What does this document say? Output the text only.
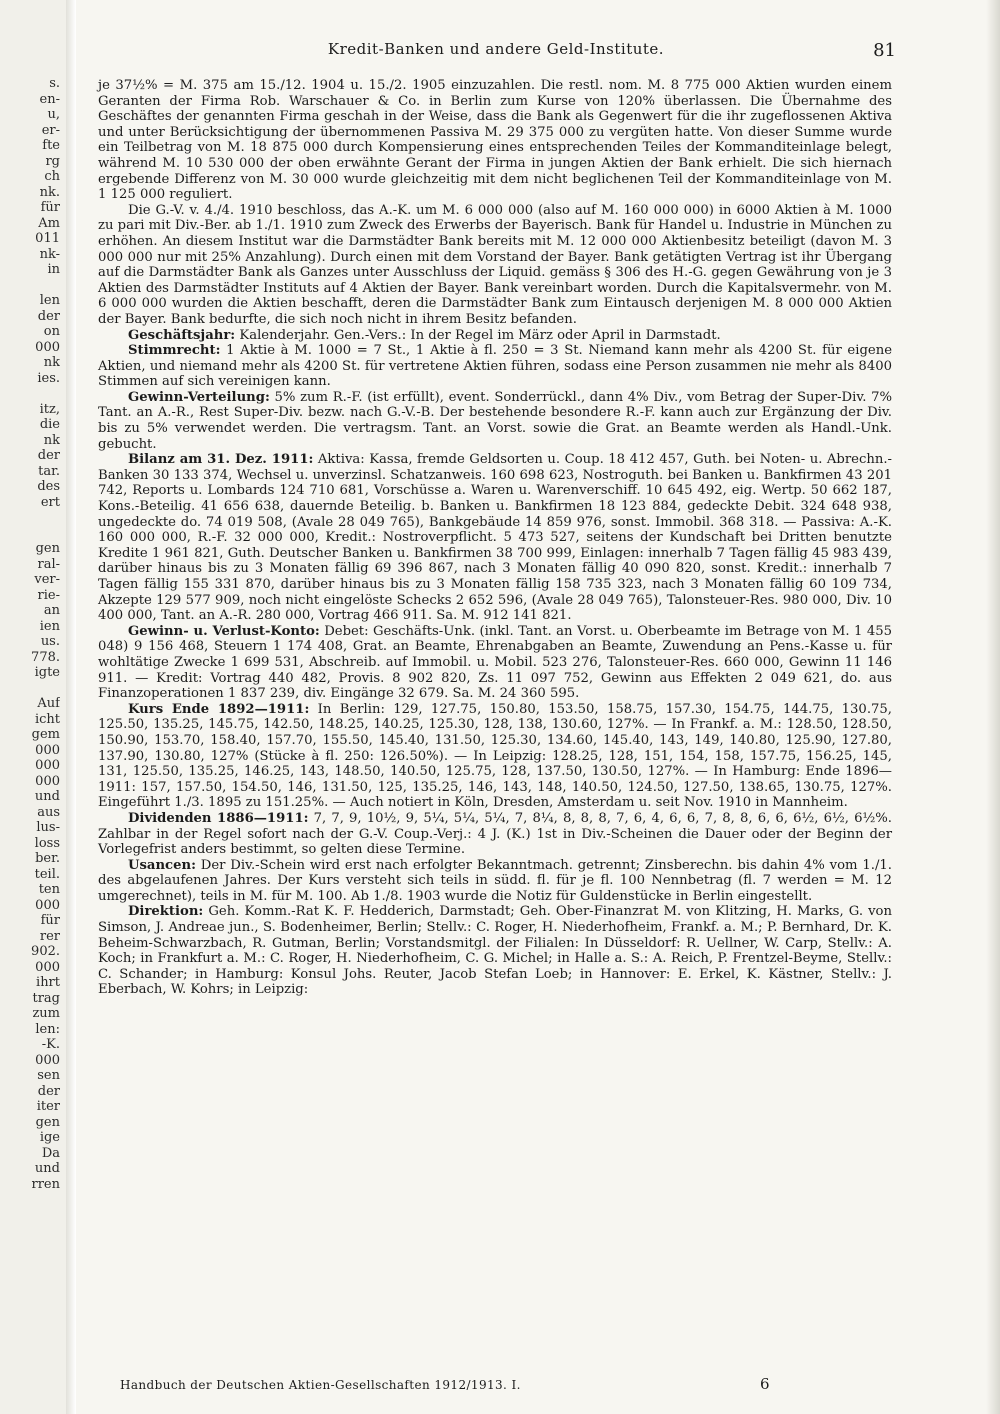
s.
en-
u,
er-
fte
rg
ch
nk.
für
Am
011
nk-
in
len
der
on
000
nk
ies.
itz,
die
nk
der
tar.
des
ert
gen
ral-
ver-
rie-
an
ien
us.
778.
igte
Auf
icht
gem
000
000
000
und
aus
lus-
loss
ber.
teil.
ten
000
für
rer
902.
000
ihrt
trag
zum
len:
-K.
000
sen
der
iter
gen
ige
Da
und
rren
Kredit-Banken und andere Geld-Institute.	81

je 37½% = M. 375 am 15./12. 1904 u. 15./2. 1905 einzuzahlen. Die restl. nom. M. 8 775 000 Aktien wurden einem Geranten der Firma Rob. Warschauer & Co. in Berlin zum Kurse von 120% überlassen. Die Übernahme des Geschäftes der genannten Firma geschah in der Weise, dass die Bank als Gegenwert für die ihr zugeflossenen Aktiva und unter Berücksichtigung der übernommenen Passiva M. 29 375 000 zu vergüten hatte. Von dieser Summe wurde ein Teilbetrag von M. 18 875 000 durch Kompensierung eines entsprechenden Teiles der Kommanditeinlage belegt, während M. 10 530 000 der oben erwähnte Gerant der Firma in jungen Aktien der Bank erhielt. Die sich hiernach ergebende Differenz von M. 30 000 wurde gleichzeitig mit dem nicht beglichenen Teil der Kommanditeinlage von M. 1 125 000 reguliert.

Die G.-V. v. 4./4. 1910 beschloss, das A.-K. um M. 6 000 000 (also auf M. 160 000 000) in 6000 Aktien à M. 1000 zu pari mit Div.-Ber. ab 1./1. 1910 zum Zweck des Erwerbs der Bayerisch. Bank für Handel u. Industrie in München zu erhöhen. An diesem Institut war die Darmstädter Bank bereits mit M. 12 000 000 Aktienbesitz beteiligt (davon M. 3 000 000 nur mit 25% Anzahlung). Durch einen mit dem Vorstand der Bayer. Bank getätigten Vertrag ist ihr Übergang auf die Darmstädter Bank als Ganzes unter Ausschluss der Liquid. gemäss § 306 des H.-G. gegen Gewährung von je 3 Aktien des Darmstädter Instituts auf 4 Aktien der Bayer. Bank vereinbart worden. Durch die Kapitalsvermehr. von M. 6 000 000 wurden die Aktien beschafft, deren die Darmstädter Bank zum Eintausch derjenigen M. 8 000 000 Aktien der Bayer. Bank bedurfte, die sich noch nicht in ihrem Besitz befanden.

Geschäftsjahr: Kalenderjahr. Gen.-Vers.: In der Regel im März oder April in Darmstadt.

Stimmrecht: 1 Aktie à M. 1000 = 7 St., 1 Aktie à fl. 250 = 3 St. Niemand kann mehr als 4200 St. für eigene Aktien, und niemand mehr als 4200 St. für vertretene Aktien führen, sodass eine Person zusammen nie mehr als 8400 Stimmen auf sich vereinigen kann.

Gewinn-Verteilung: 5% zum R.-F. (ist erfüllt), event. Sonderrückl., dann 4% Div., vom Betrag der Super-Div. 7% Tant. an A.-R., Rest Super-Div. bezw. nach G.-V.-B. Der bestehende besondere R.-F. kann auch zur Ergänzung der Div. bis zu 5% verwendet werden. Die vertragsm. Tant. an Vorst. sowie die Grat. an Beamte werden als Handl.-Unk. gebucht.

Bilanz am 31. Dez. 1911: Aktiva: Kassa, fremde Geldsorten u. Coup. 18 412 457, Guth. bei Noten- u. Abrechn.-Banken 30 133 374, Wechsel u. unverzinsl. Schatzanweis. 160 698 623, Nostroguth. bei Banken u. Bankfirmen 43 201 742, Reports u. Lombards 124 710 681, Vorschüsse a. Waren u. Warenverschiff. 10 645 492, eig. Wertp. 50 662 187, Kons.-Beteilig. 41 656 638, dauernde Beteilig. b. Banken u. Bankfirmen 18 123 884, gedeckte Debit. 324 648 938, ungedeckte do. 74 019 508, (Avale 28 049 765), Bankgebäude 14 859 976, sonst. Immobil. 368 318. — Passiva: A.-K. 160 000 000, R.-F. 32 000 000, Kredit.: Nostroverpflicht. 5 473 527, seitens der Kundschaft bei Dritten benutzte Kredite 1 961 821, Guth. Deutscher Banken u. Bankfirmen 38 700 999, Einlagen: innerhalb 7 Tagen fällig 45 983 439, darüber hinaus bis zu 3 Monaten fällig 69 396 867, nach 3 Monaten fällig 40 090 820, sonst. Kredit.: innerhalb 7 Tagen fällig 155 331 870, darüber hinaus bis zu 3 Monaten fällig 158 735 323, nach 3 Monaten fällig 60 109 734, Akzepte 129 577 909, noch nicht eingelöste Schecks 2 652 596, (Avale 28 049 765), Talonsteuer-Res. 980 000, Div. 10 400 000, Tant. an A.-R. 280 000, Vortrag 466 911. Sa. M. 912 141 821.

Gewinn- u. Verlust-Konto: Debet: Geschäfts-Unk. (inkl. Tant. an Vorst. u. Oberbeamte im Betrage von M. 1 455 048) 9 156 468, Steuern 1 174 408, Grat. an Beamte, Ehrenabgaben an Beamte, Zuwendung an Pens.-Kasse u. für wohltätige Zwecke 1 699 531, Abschreib. auf Immobil. u. Mobil. 523 276, Talonsteuer-Res. 660 000, Gewinn 11 146 911. — Kredit: Vortrag 440 482, Provis. 8 902 820, Zs. 11 097 752, Gewinn aus Effekten 2 049 621, do. aus Finanzoperationen 1 837 239, div. Eingänge 32 679. Sa. M. 24 360 595.

Kurs Ende 1892—1911: In Berlin: 129, 127.75, 150.80, 153.50, 158.75, 157.30, 154.75, 144.75, 130.75, 125.50, 135.25, 145.75, 142.50, 148.25, 140.25, 125.30, 128, 138, 130.60, 127%. — In Frankf. a. M.: 128.50, 128.50, 150.90, 153.70, 158.40, 157.70, 155.50, 145.40, 131.50, 125.30, 134.60, 145.40, 143, 149, 140.80, 125.90, 127.80, 137.90, 130.80, 127% (Stücke à fl. 250: 126.50%). — In Leipzig: 128.25, 128, 151, 154, 158, 157.75, 156.25, 145, 131, 125.50, 135.25, 146.25, 143, 148.50, 140.50, 125.75, 128, 137.50, 130.50, 127%. — In Hamburg: Ende 1896—1911: 157, 157.50, 154.50, 146, 131.50, 125, 135.25, 146, 143, 148, 140.50, 124.50, 127.50, 138.65, 130.75, 127%. Eingeführt 1./3. 1895 zu 151.25%. — Auch notiert in Köln, Dresden, Amsterdam u. seit Nov. 1910 in Mannheim.

Dividenden 1886—1911: 7, 7, 9, 10½, 9, 5¼, 5¼, 5¼, 7, 8¼, 8, 8, 8, 7, 6, 4, 6, 6, 7, 8, 8, 6, 6, 6½, 6½, 6½%. Zahlbar in der Regel sofort nach der G.-V. Coup.-Verj.: 4 J. (K.) 1st in Div.-Scheinen die Dauer oder der Beginn der Vorlegefrist anders bestimmt, so gelten diese Termine.

Usancen: Der Div.-Schein wird erst nach erfolgter Bekanntmach. getrennt; Zinsberechn. bis dahin 4% vom 1./1. des abgelaufenen Jahres. Der Kurs versteht sich teils in südd. fl. für je fl. 100 Nennbetrag (fl. 7 werden = M. 12 umgerechnet), teils in M. für M. 100. Ab 1./8. 1903 wurde die Notiz für Guldenstücke in Berlin eingestellt.

Direktion: Geh. Komm.-Rat K. F. Hedderich, Darmstadt; Geh. Ober-Finanzrat M. von Klitzing, H. Marks, G. von Simson, J. Andreae jun., S. Bodenheimer, Berlin; Stellv.: C. Roger, H. Niederhofheim, Frankf. a. M.; P. Bernhard, Dr. K. Beheim-Schwarzbach, R. Gutman, Berlin; Vorstandsmitgl. der Filialen: In Düsseldorf: R. Uellner, W. Carp, Stellv.: A. Koch; in Frankfurt a. M.: C. Roger, H. Niederhofheim, C. G. Michel; in Halle a. S.: A. Reich, P. Frentzel-Beyme, Stellv.: C. Schander; in Hamburg: Konsul Johs. Reuter, Jacob Stefan Loeb; in Hannover: E. Erkel, K. Kästner, Stellv.: J. Eberbach, W. Kohrs; in Leipzig:

Handbuch der Deutschen Aktien-Gesellschaften 1912/1913. I.	6
